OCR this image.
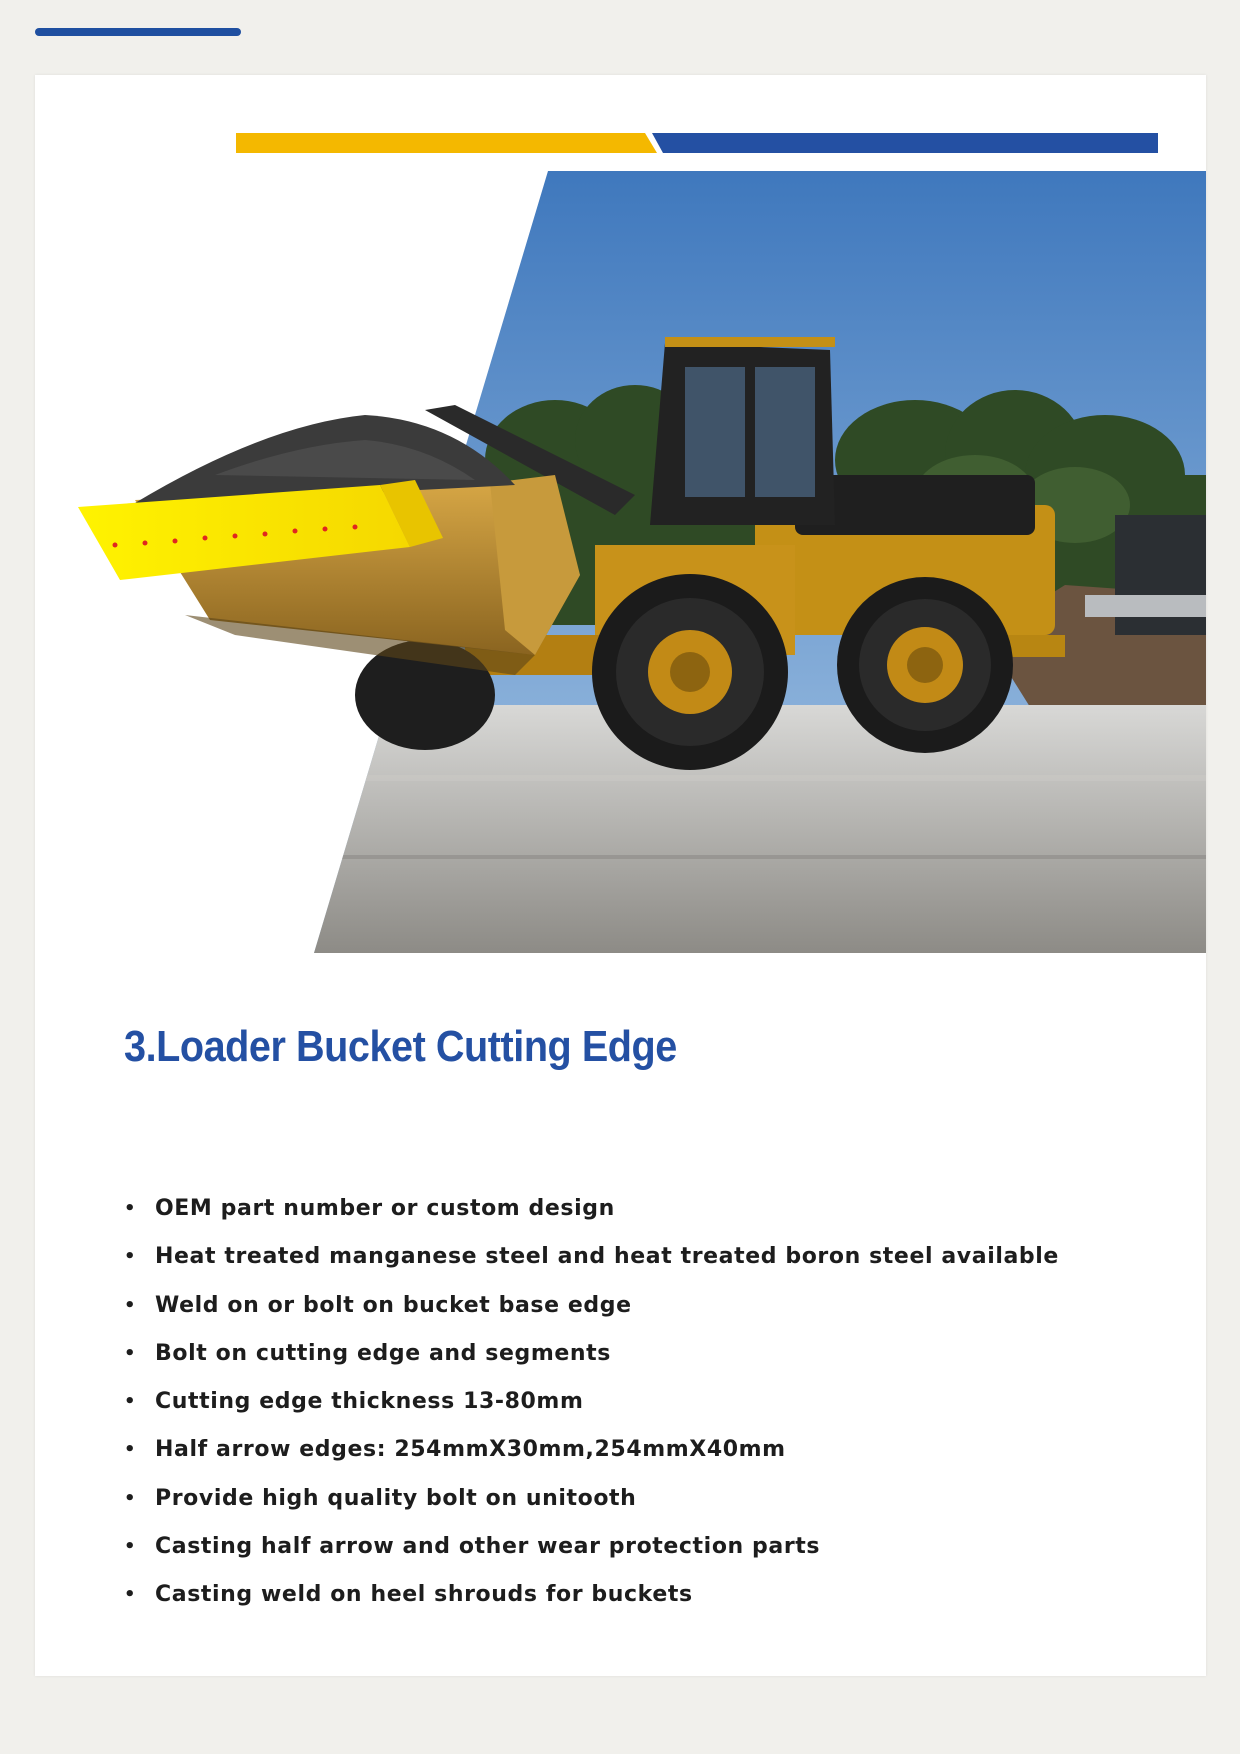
3.Loader Bucket Cutting Edge
• OEM part number or custom design
• Heat treated manganese steel and heat treated boron steel available
• Weld on or bolt on bucket base edge
• Bolt on cutting edge and segments
• Cutting edge thickness 13-80mm
• Half arrow edges: 254mmX30mm,254mmX40mm
• Provide high quality bolt on unitooth
• Casting half arrow and other wear protection parts
• Casting weld on heel shrouds for buckets
